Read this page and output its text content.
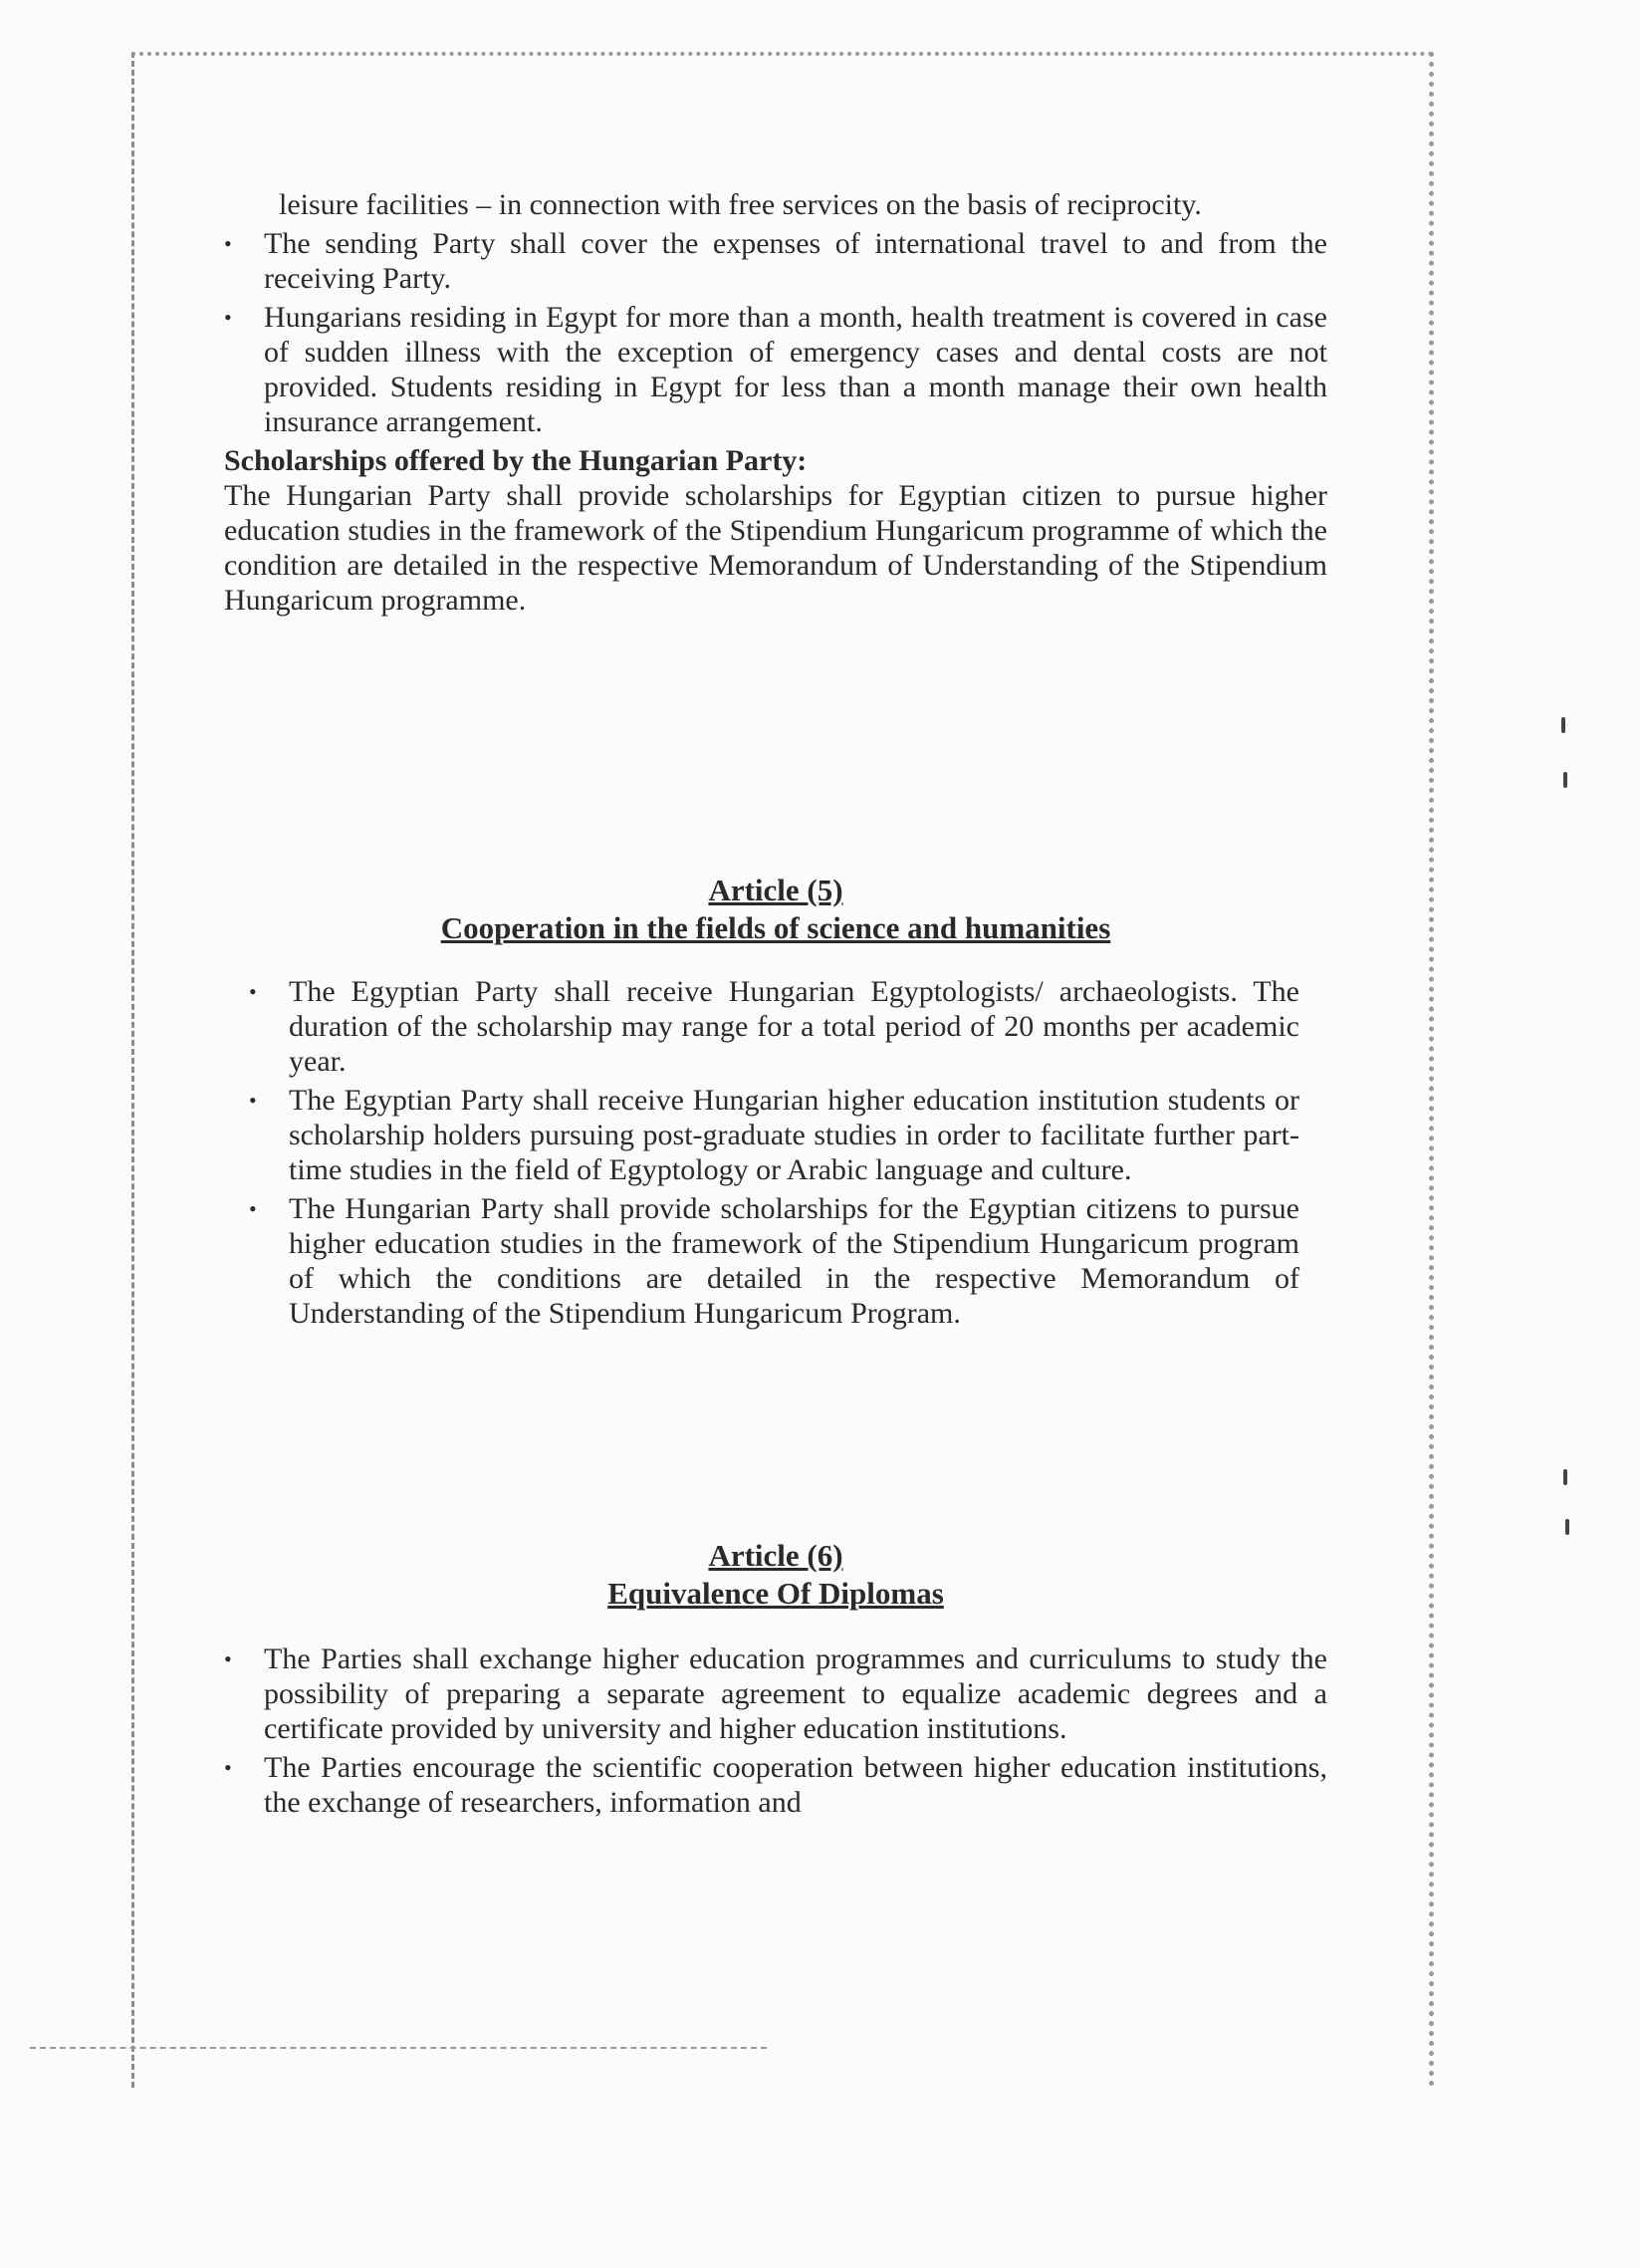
leisure facilities – in connection with free services on the basis of reciprocity.

• The sending Party shall cover the expenses of international travel to and from the receiving Party.
• Hungarians residing in Egypt for more than a month, health treatment is covered in case of sudden illness with the exception of emergency cases and dental costs are not provided. Students residing in Egypt for less than a month manage their own health insurance arrangement.

Scholarships offered by the Hungarian Party:

The Hungarian Party shall provide scholarships for Egyptian citizen to pursue higher education studies in the framework of the Stipendium Hungaricum programme of which the condition are detailed in the respective Memorandum of Understanding of the Stipendium Hungaricum programme.

Article (5)
Cooperation in the fields of science and humanities
• The Egyptian Party shall receive Hungarian Egyptologists/ archaeologists. The duration of the scholarship may range for a total period of 20 months per academic year.
• The Egyptian Party shall receive Hungarian higher education institution students or scholarship holders pursuing post-graduate studies in order to facilitate further part-time studies in the field of Egyptology or Arabic language and culture.
• The Hungarian Party shall provide scholarships for the Egyptian citizens to pursue higher education studies in the framework of the Stipendium Hungaricum program of which the conditions are detailed in the respective Memorandum of Understanding of the Stipendium Hungaricum Program.
Article (6)
Equivalence Of Diplomas
• The Parties shall exchange higher education programmes and curriculums to study the possibility of preparing a separate agreement to equalize academic degrees and a certificate provided by university and higher education institutions.
• The Parties encourage the scientific cooperation between higher education institutions, the exchange of researchers, information and
